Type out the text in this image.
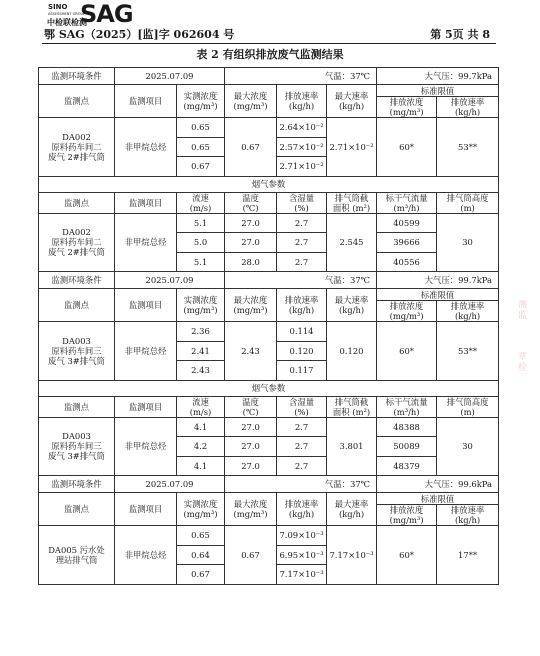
SINO
ASSESSMENT GROUP
中检联检测
SAG
鄂 SAG（2025）[监]字 062604 号	第 5页 共 8
表 2 有组织排放废气监测结果
监测环境条件	2025.07.09		气温：37℃			大气压：99.7kPa	
监测点	监测项目	实测浓度
(mg/m³)	最大浓度
(mg/m³)	排放速率
(kg/h)	最大速率
(kg/h)	标准限值	
						排放浓度
(mg/m³)	排放速率
(kg/h)
DA002
原料药车间二
废气 2#排气筒	非甲烷总烃	0.65	0.67	2.64×10⁻²	2.71×10⁻²	60*	53**
		0.65		2.57×10⁻²			
		0.67		2.71×10⁻²			
烟气参数							
监测点	监测项目	流速
(m/s)	温度
(℃)	含湿量
(%)	排气筒截
面积 (m²)	标干气流量
(m³/h)	排气筒高度
(m)
DA002
原料药车间二
废气 2#排气筒	非甲烷总烃	5.1	27.0	2.7	2.545	40599	30
		5.0	27.0	2.7		39666	
		5.1	28.0	2.7		40556	
监测环境条件	2025.07.09		气温：37℃			大气压：99.7kPa	
监测点	监测项目	实测浓度
(mg/m³)	最大浓度
(mg/m³)	排放速率
(kg/h)	最大速率
(kg/h)	标准限值	
						排放浓度
(mg/m³)	排放速率
(kg/h)
DA003
原料药车间三
废气 3#排气筒	非甲烷总烃	2.36	2.43	0.114	0.120	60*	53**
		2.41		0.120			
		2.43		0.117			
烟气参数							
监测点	监测项目	流速
(m/s)	温度
(℃)	含湿量
(%)	排气筒截
面积 (m²)	标干气流量
(m³/h)	排气筒高度
(m)
DA003
原料药车间三
废气 3#排气筒	非甲烷总烃	4.1	27.0	2.7	3.801	48388	30
		4.2	27.0	2.7		50089	
		4.1	27.0	2.7		48379	
监测环境条件	2025.07.09		气温：37℃			大气压：99.6kPa	
监测点	监测项目	实测浓度
(mg/m³)	最大浓度
(mg/m³)	排放速率
(kg/h)	最大速率
(kg/h)	标准限值	
						排放浓度
(mg/m³)	排放速率
(kg/h)
DA005 污水处
理站排气筒	非甲烷总烃	0.65	0.67	7.09×10⁻³	7.17×10⁻³	60*	17**
		0.64		6.95×10⁻³			
		0.67		7.17×10⁻³			
测
监
章
检
